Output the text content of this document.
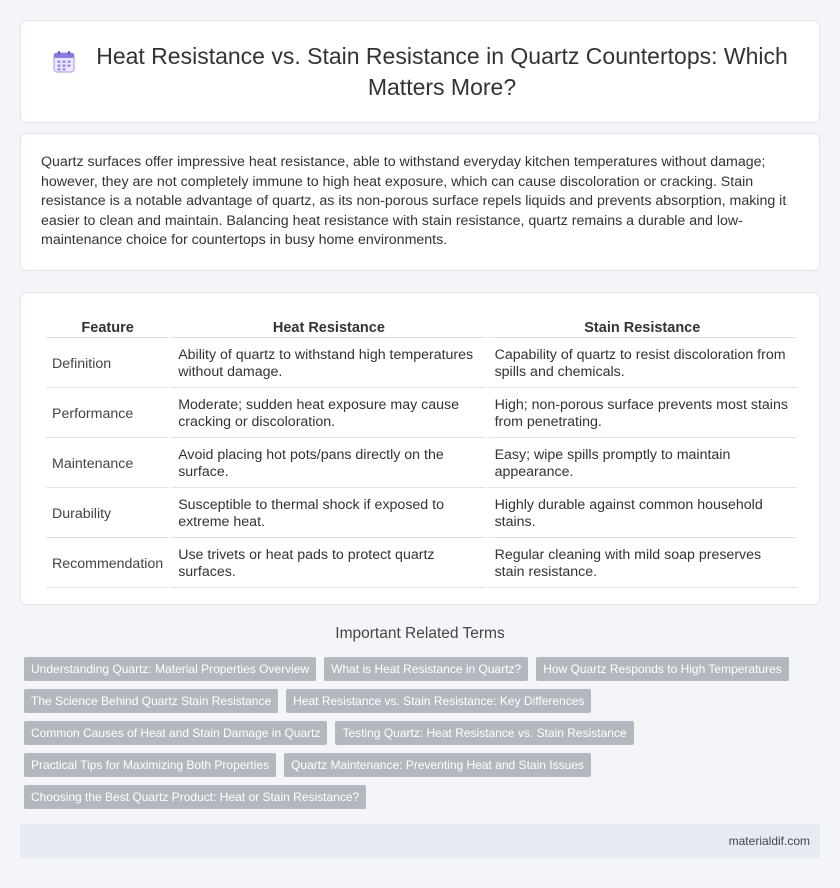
Heat Resistance vs. Stain Resistance in Quartz Countertops: Which Matters More?

Quartz surfaces offer impressive heat resistance, able to withstand everyday kitchen temperatures without damage; however, they are not completely immune to high heat exposure, which can cause discoloration or cracking. Stain resistance is a notable advantage of quartz, as its non-porous surface repels liquids and prevents absorption, making it easier to clean and maintain. Balancing heat resistance with stain resistance, quartz remains a durable and low-maintenance choice for countertops in busy home environments.

Feature	Heat Resistance	Stain Resistance
Definition	Ability of quartz to withstand high temperatures without damage.	Capability of quartz to resist discoloration from spills and chemicals.
Performance	Moderate; sudden heat exposure may cause cracking or discoloration.	High; non-porous surface prevents most stains from penetrating.
Maintenance	Avoid placing hot pots/pans directly on the surface.	Easy; wipe spills promptly to maintain appearance.
Durability	Susceptible to thermal shock if exposed to extreme heat.	Highly durable against common household stains.
Recommendation	Use trivets or heat pads to protect quartz surfaces.	Regular cleaning with mild soap preserves stain resistance.
Important Related Terms
Understanding Quartz: Material Properties Overview	What is Heat Resistance in Quartz?	How Quartz Responds to High Temperatures
The Science Behind Quartz Stain Resistance	Heat Resistance vs. Stain Resistance: Key Differences
Common Causes of Heat and Stain Damage in Quartz	Testing Quartz: Heat Resistance vs. Stain Resistance
Practical Tips for Maximizing Both Properties	Quartz Maintenance: Preventing Heat and Stain Issues
Choosing the Best Quartz Product: Heat or Stain Resistance?
materialdif.com
